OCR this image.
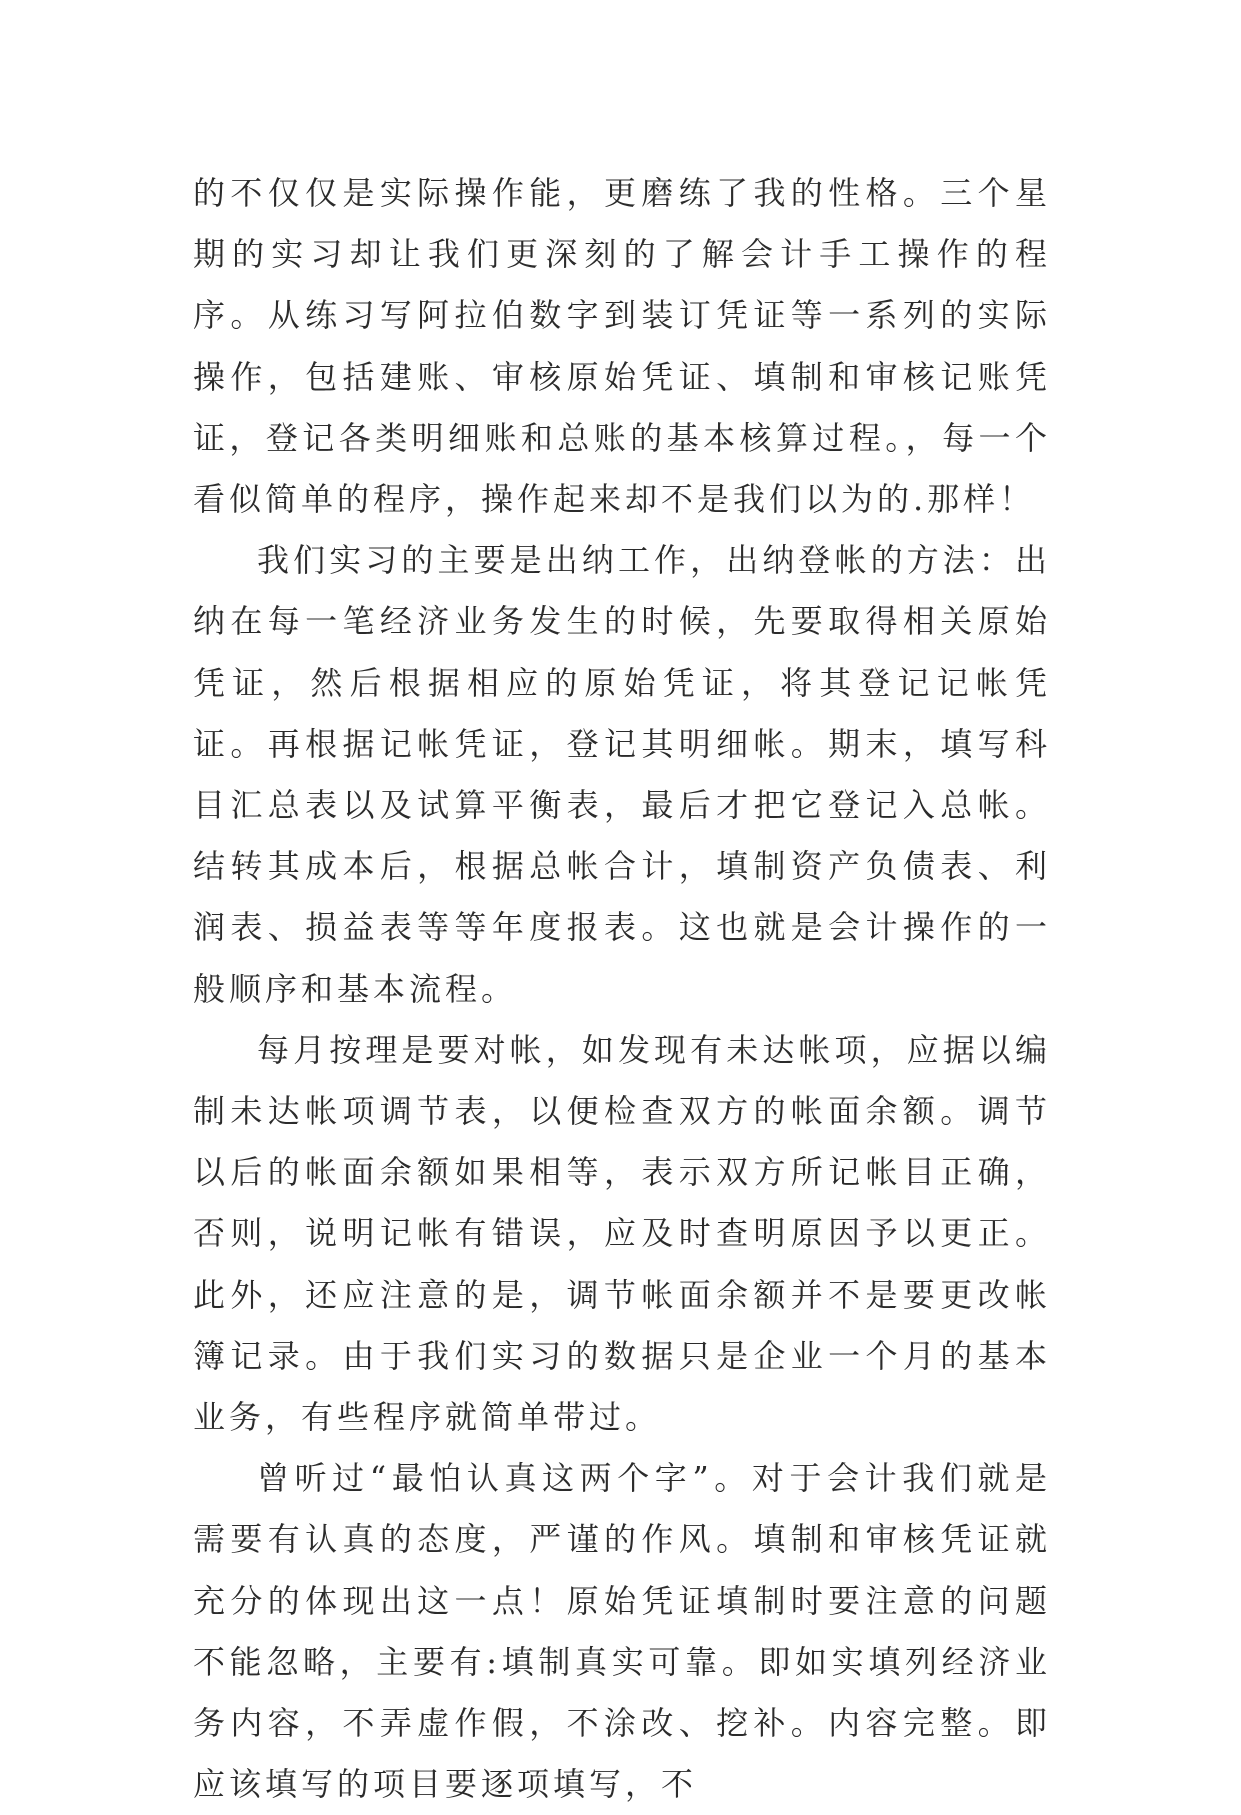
的不仅仅是实际操作能，更磨练了我的性格。三个星期的实习却让我们更深刻的了解会计手工操作的程序。从练习写阿拉伯数字到装订凭证等一系列的实际操作，包括建账、审核原始凭证、填制和审核记账凭证，登记各类明细账和总账的基本核算过程。，每一个看似简单的程序，操作起来却不是我们以为的.那样！

我们实习的主要是出纳工作，出纳登帐的方法：出纳在每一笔经济业务发生的时候，先要取得相关原始凭证，然后根据相应的原始凭证，将其登记记帐凭证。再根据记帐凭证，登记其明细帐。期末，填写科目汇总表以及试算平衡表，最后才把它登记入总帐。结转其成本后，根据总帐合计，填制资产负债表、利润表、损益表等等年度报表。这也就是会计操作的一般顺序和基本流程。

每月按理是要对帐，如发现有未达帐项，应据以编制未达帐项调节表，以便检查双方的帐面余额。调节以后的帐面余额如果相等，表示双方所记帐目正确，否则，说明记帐有错误，应及时查明原因予以更正。此外，还应注意的是，调节帐面余额并不是要更改帐簿记录。由于我们实习的数据只是企业一个月的基本业务，有些程序就简单带过。

曾听过“最怕认真这两个字”。对于会计我们就是需要有认真的态度，严谨的作风。填制和审核凭证就充分的体现出这一点！原始凭证填制时要注意的问题不能忽略，主要有:填制真实可靠。即如实填列经济业务内容，不弄虚作假，不涂改、挖补。内容完整。即应该填写的项目要逐项填写，不
